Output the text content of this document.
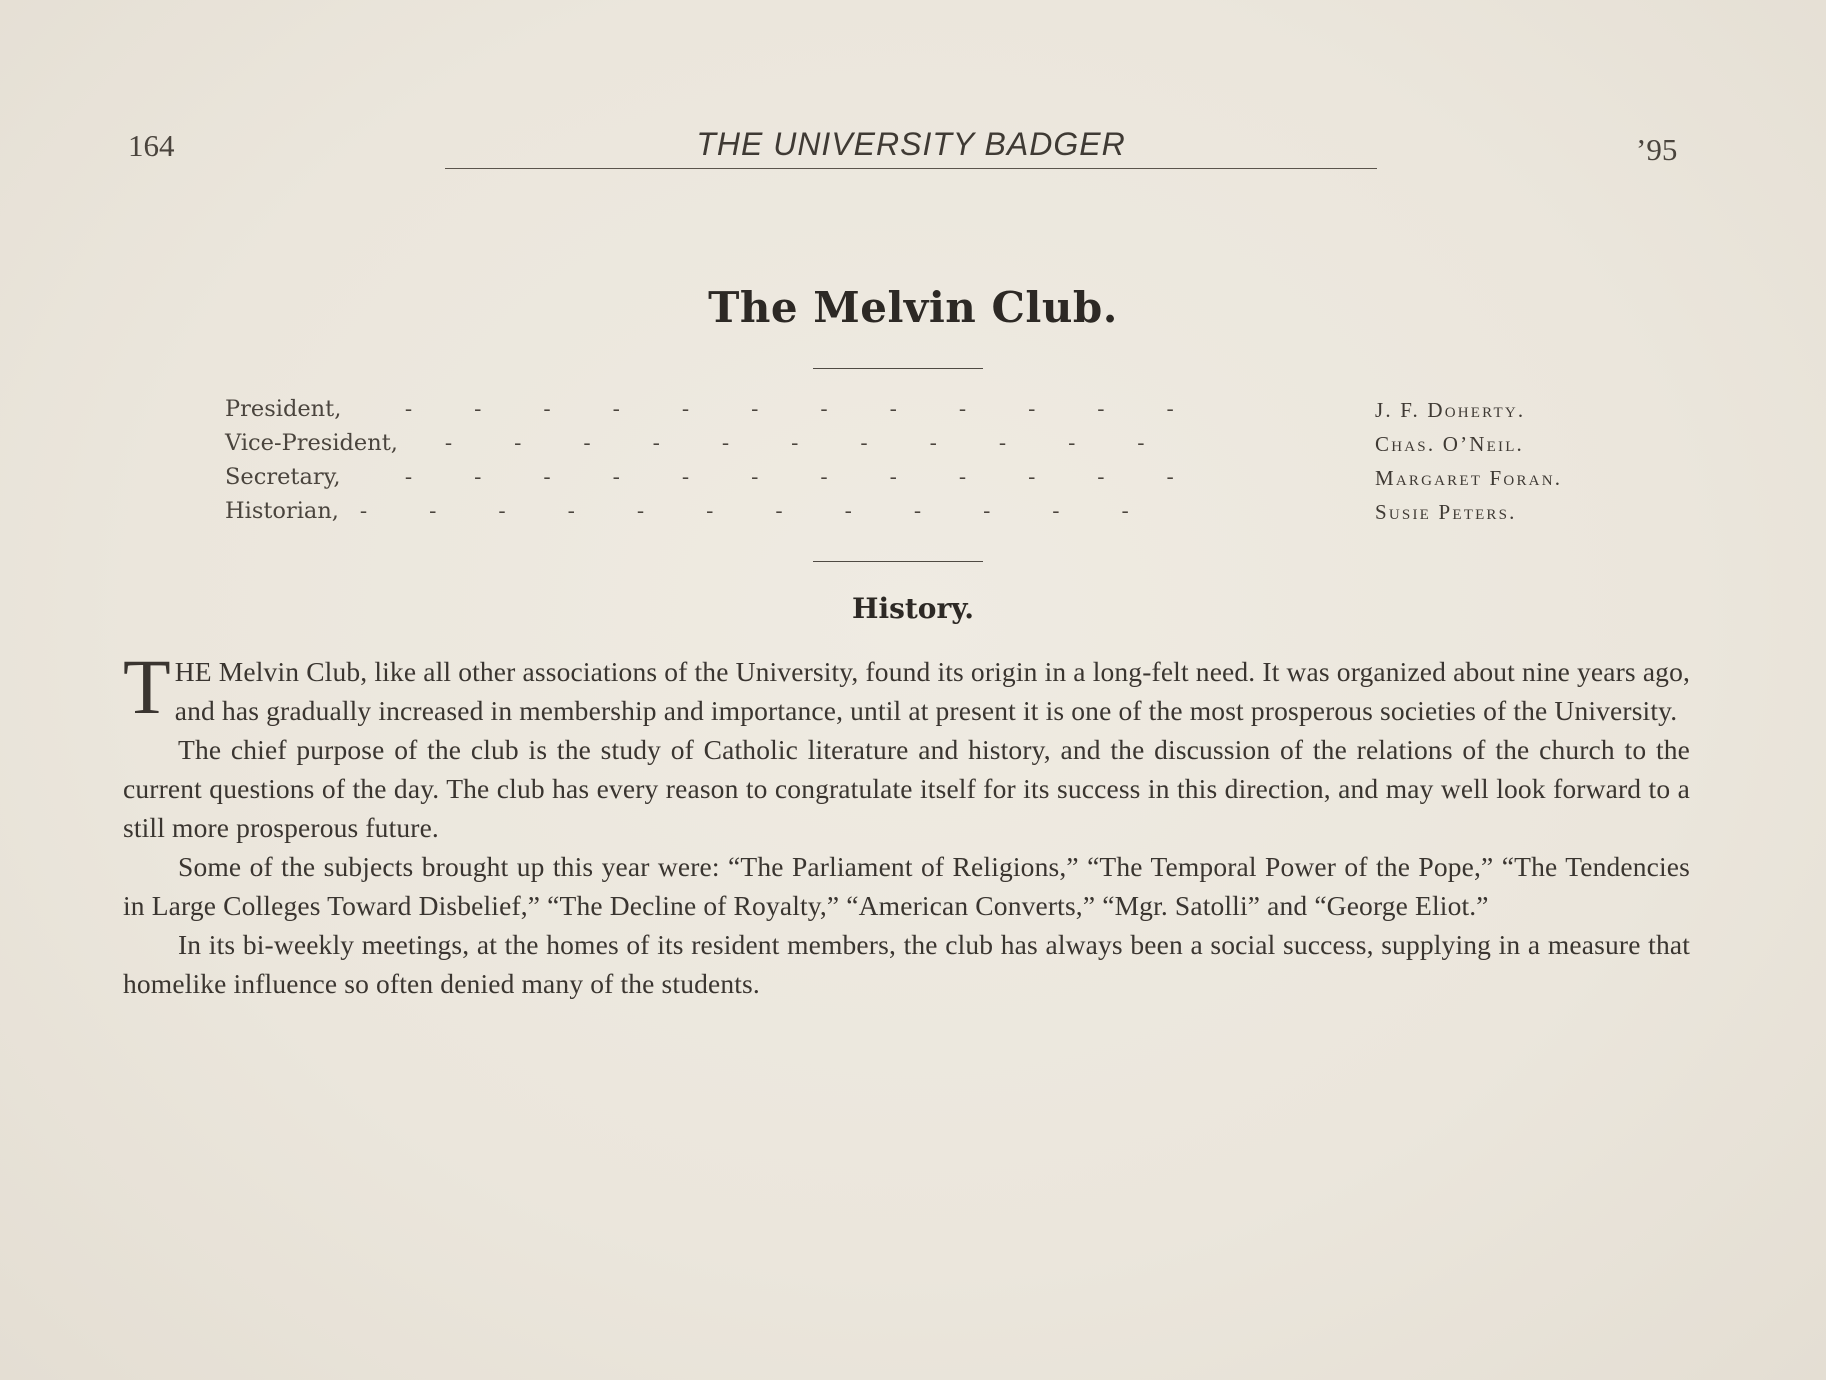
164	THE UNIVERSITY BADGER	’95
The Melvin Club.
President,	- - - - - - - - - - - -	J. F. Doherty.
Vice-President, - - - - - - - - - - -	Chas. O’Neil.
Secretary,	- - - - - - - - - - - -	Margaret Foran.
Historian, - - - - - - - - - - - -	Susie Peters.
History.

THE Melvin Club, like all other associations of the University, found its origin in a long-felt need. It was organized about nine years ago, and has gradually increased in membership and importance, until at present it is one of the most prosperous societies of the University.

The chief purpose of the club is the study of Catholic literature and history, and the discussion of the relations of the church to the current questions of the day. The club has every reason to congratulate itself for its success in this direction, and may well look forward to a still more prosperous future.

Some of the subjects brought up this year were: “The Parliament of Religions,” “The Temporal Power of the Pope,” “The Tendencies in Large Colleges Toward Disbelief,” “The Decline of Royalty,” “American Converts,” “Mgr. Satolli” and “George Eliot.”

In its bi-weekly meetings, at the homes of its resident members, the club has always been a social success, supplying in a measure that homelike influence so often denied many of the students.
